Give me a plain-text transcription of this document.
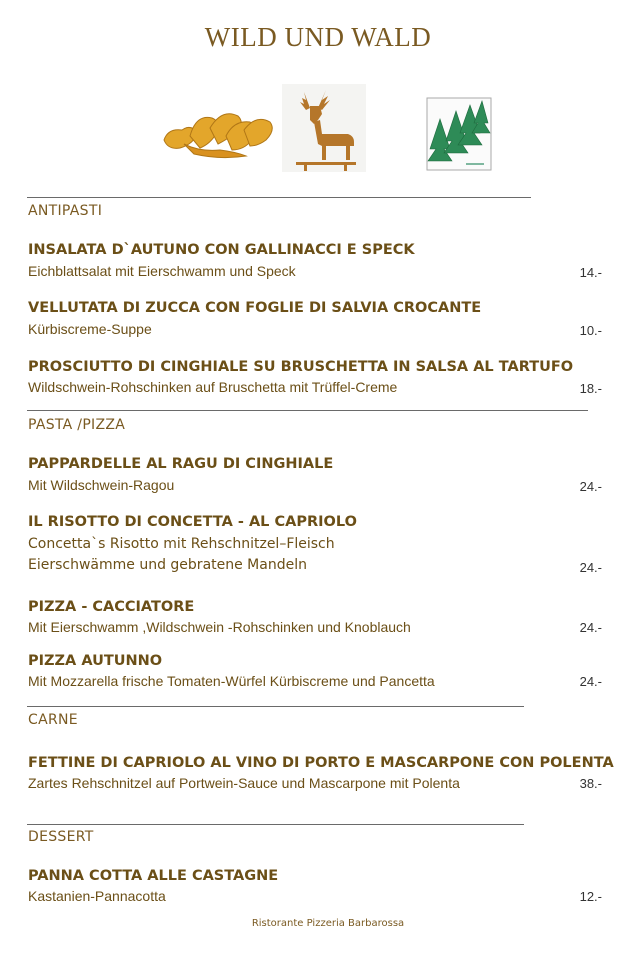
WILD UND WALD
ANTIPASTI
INSALATA D`AUTUNO CON GALLINACCI E SPECK
Eichblattsalat mit Eierschwamm und Speck	14.-
VELLUTATA DI ZUCCA CON FOGLIE DI SALVIA CROCANTE
Kürbiscreme-Suppe	10.-
PROSCIUTTO DI CINGHIALE SU BRUSCHETTA IN SALSA AL TARTUFO
Wildschwein-Rohschinken auf Bruschetta mit Trüffel-Creme	18.-
PASTA /PIZZA
PAPPARDELLE AL RAGU DI CINGHIALE
Mit Wildschwein-Ragou	24.-
IL RISOTTO DI CONCETTA - AL CAPRIOLO
Concetta`s Risotto mit Rehschnitzel–Fleisch
Eierschwämme und gebratene Mandeln	24.-
PIZZA - CACCIATORE
Mit Eierschwamm ,Wildschwein -Rohschinken und Knoblauch	24.-
PIZZA AUTUNNO
Mit Mozzarella frische Tomaten-Würfel Kürbiscreme und Pancetta	24.-
CARNE
FETTINE DI CAPRIOLO AL VINO DI PORTO E MASCARPONE CON POLENTA
Zartes Rehschnitzel auf Portwein-Sauce und Mascarpone mit Polenta	38.-
DESSERT
PANNA COTTA ALLE CASTAGNE
Kastanien-Pannacotta	12.-
Ristorante Pizzeria Barbarossa
